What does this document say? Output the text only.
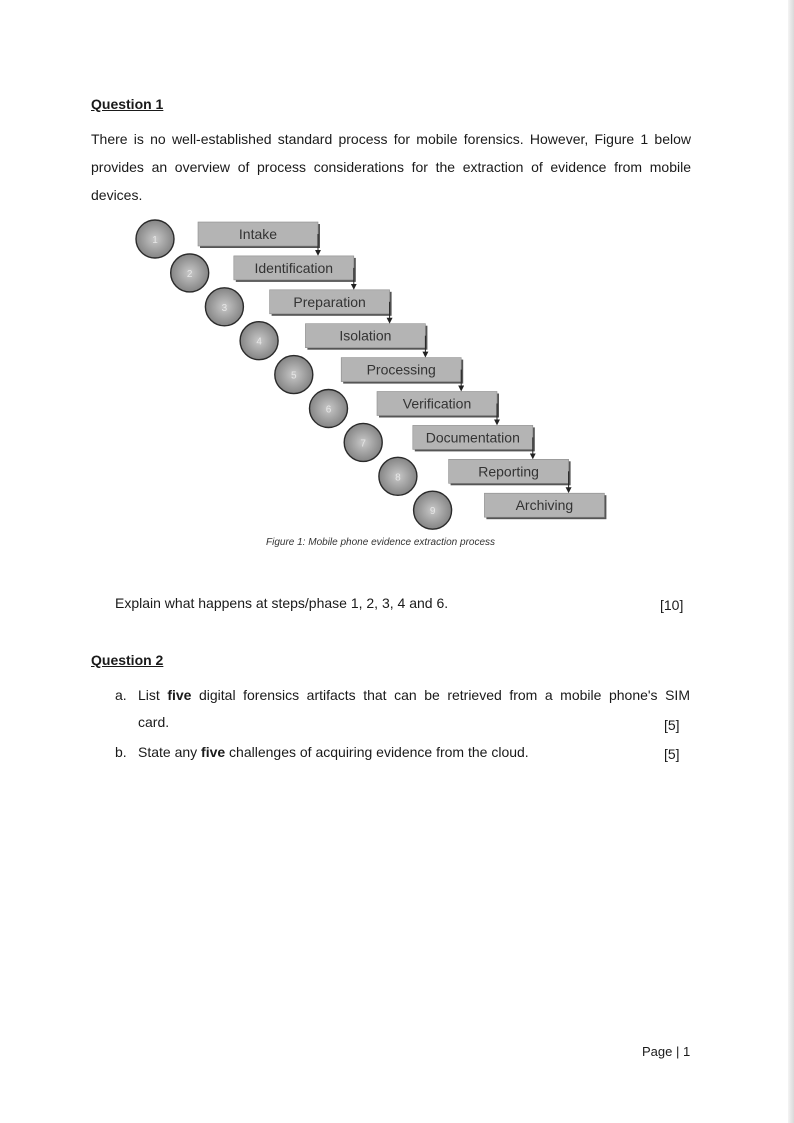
Question 1
There is no well-established standard process for mobile forensics. However, Figure 1 below
provides an overview of process considerations for the extraction of evidence from mobile
devices.
Intake
1
Identification
2
Preparation
3
Isolation
4
Processing
5
Verification
6
Documentation
7
Reporting
8
Archiving
9
Figure 1: Mobile phone evidence extraction process
Explain what happens at steps/phase 1, 2, 3, 4 and 6.	[10]
Question 2
a. List five digital forensics artifacts that can be retrieved from a mobile phone's SIM
card.	[5]
b. State any five challenges of acquiring evidence from the cloud.	[5]
Page | 1
